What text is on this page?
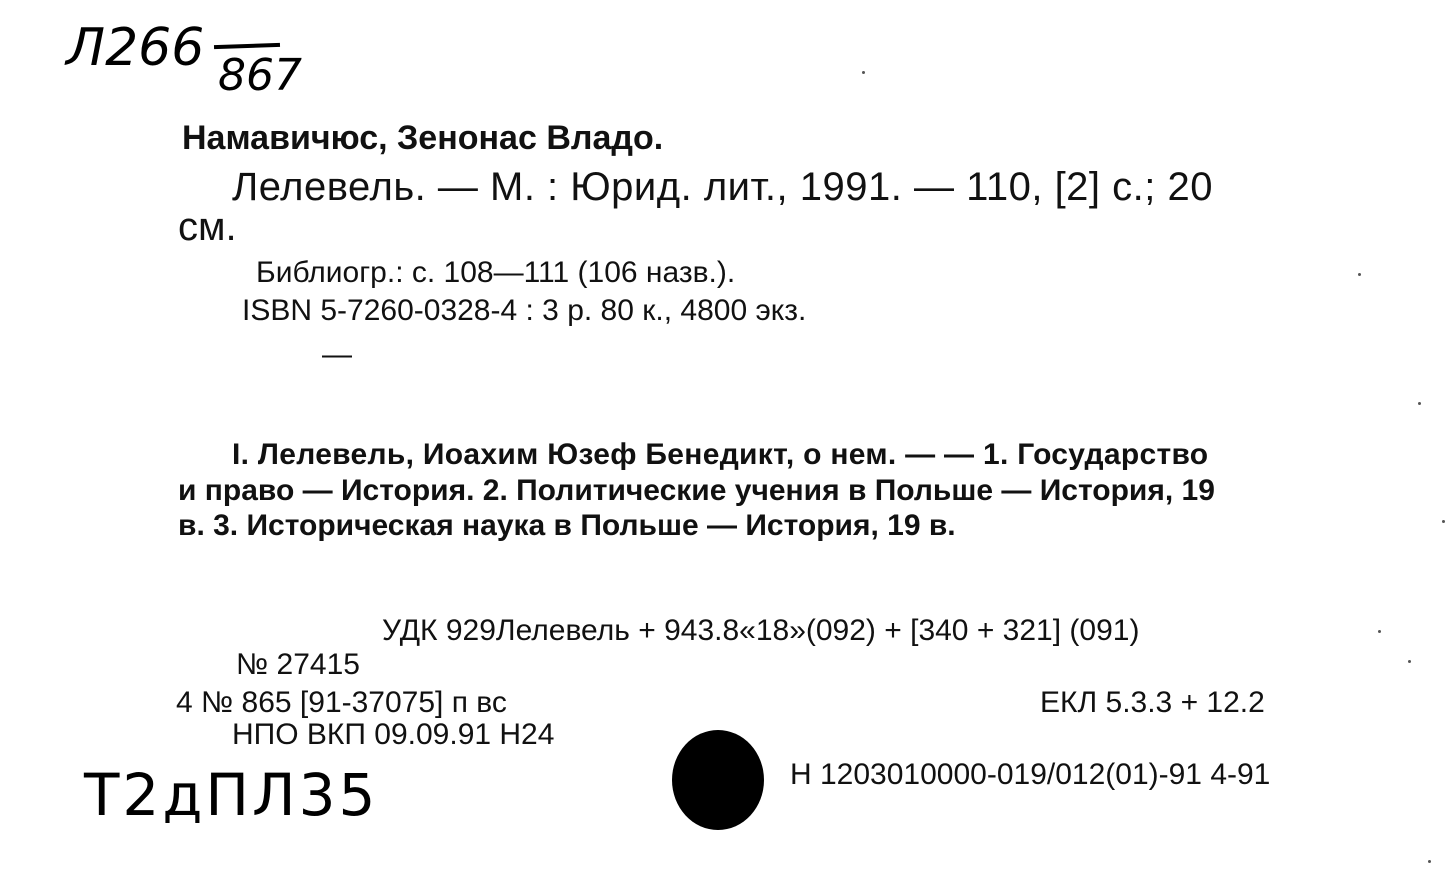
Л266 867
Намавичюс, Зенонас Владо.
Лелевель. — М. : Юрид. лит., 1991. — 110, [2] с.; 20
см.
Библиогр.: с. 108—111 (106 назв.).
ISBN 5-7260-0328-4 : 3 р. 80 к., 4800 экз.
—
I. Лелевель, Иоахим Юзеф Бенедикт, о нем. — — 1. Государство
и право — История. 2. Политические учения в Польше — История, 19
в. 3. Историческая наука в Польше — История, 19 в.
УДК 929Лелевель + 943.8«18»(092) + [340 + 321] (091)
№ 27415
4 № 865 [91-37075] п вс	ЕКЛ 5.3.3 + 12.2
НПО ВКП 09.09.91 Н24
Н 1203010000-019/012(01)-91 4-91
Т2дПЛ35
